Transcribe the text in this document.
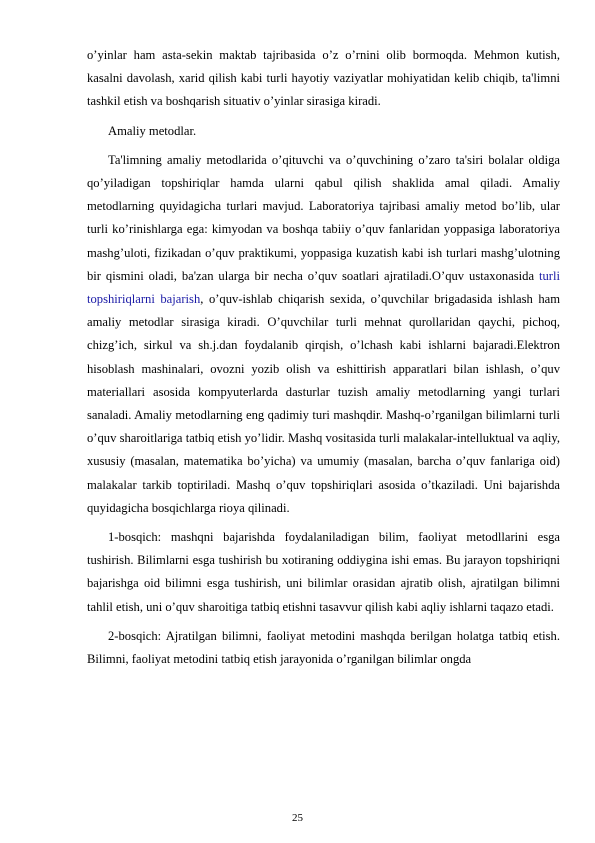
o’yinlar ham asta-sekin maktab tajribasida o’z o’rnini olib bormoqda. Mehmon kutish, kasalni davolash, xarid qilish kabi turli hayotiy vaziyatlar mohiyatidan kelib chiqib, ta'limni tashkil etish va boshqarish situativ o’yinlar sirasiga kiradi.

Amaliy metodlar.

Ta'limning amaliy metodlarida o’qituvchi va o’quvchining o’zaro ta'siri bolalar oldiga qo’yiladigan topshiriqlar hamda ularni qabul qilish shaklida amal qiladi. Amaliy metodlarning quyidagicha turlari mavjud. Laboratoriya tajribasi amaliy metod bo’lib, ular turli ko’rinishlarga ega: kimyodan va boshqa tabiiy o’quv fanlaridan yoppasiga laboratoriya mashg’uloti, fizikadan o’quv praktikumi, yoppasiga kuzatish kabi ish turlari mashg’ulotning bir qismini oladi, ba'zan ularga bir necha o’quv soatlari ajratiladi.O’quv ustaxonasida turli topshiriqlarni bajarish, o’quv-ishlab chiqarish sexida, o’quvchilar brigadasida ishlash ham amaliy metodlar sirasiga kiradi. O’quvchilar turli mehnat qurollaridan qaychi, pichoq, chizg’ich, sirkul va sh.j.dan foydalanib qirqish, o’lchash kabi ishlarni bajaradi.Elektron hisoblash mashinalari, ovozni yozib olish va eshittirish apparatlari bilan ishlash, o’quv materiallari asosida kompyuterlarda dasturlar tuzish amaliy metodlarning yangi turlari sanaladi. Amaliy metodlarning eng qadimiy turi mashqdir. Mashq-o’rganilgan bilimlarni turli o’quv sharoitlariga tatbiq etish yo’lidir. Mashq vositasida turli malakalar-intelluktual va aqliy, xususiy (masalan, matematika bo’yicha) va umumiy (masalan, barcha o’quv fanlariga oid) malakalar tarkib toptiriladi. Mashq o’quv topshiriqlari asosida o’tkaziladi. Uni bajarishda quyidagicha bosqichlarga rioya qilinadi.

1-bosqich: mashqni bajarishda foydalaniladigan bilim, faoliyat metodllarini esga tushirish. Bilimlarni esga tushirish bu xotiraning oddiygina ishi emas. Bu jarayon topshiriqni bajarishga oid bilimni esga tushirish, uni bilimlar orasidan ajratib olish, ajratilgan bilimni tahlil etish, uni o’quv sharoitiga tatbiq etishni tasavvur qilish kabi aqliy ishlarni taqazo etadi.

2-bosqich: Ajratilgan bilimni, faoliyat metodini mashqda berilgan holatga tatbiq etish. Bilimni, faoliyat metodini tatbiq etish jarayonida o’rganilgan bilimlar ongda

25
